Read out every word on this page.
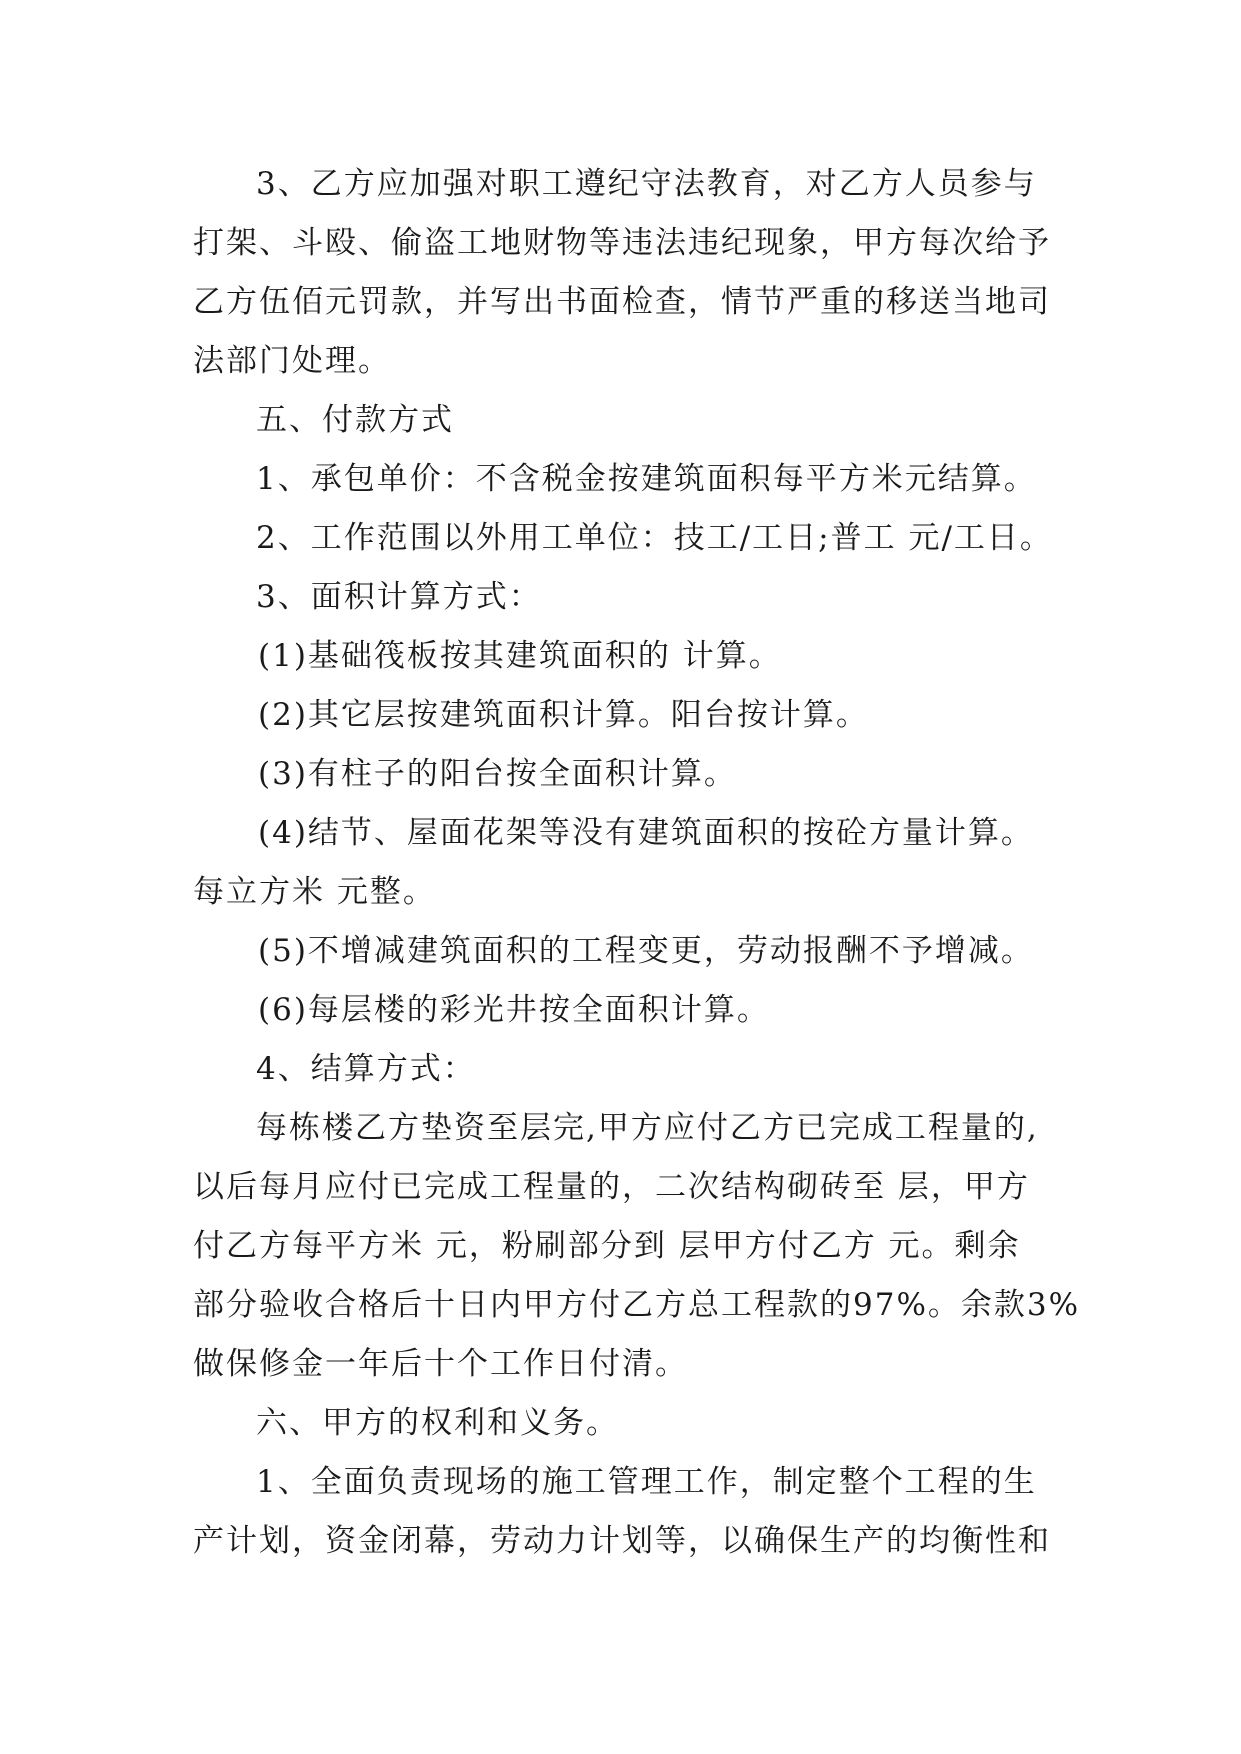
3、乙方应加强对职工遵纪守法教育，对乙方人员参与
打架、斗殴、偷盗工地财物等违法违纪现象，甲方每次给予
乙方伍佰元罚款，并写出书面检查，情节严重的移送当地司
法部门处理。
五、付款方式
1、承包单价：不含税金按建筑面积每平方米元结算。
2、工作范围以外用工单位：技工/工日;普工 元/工日。
3、面积计算方式：
(1)基础筏板按其建筑面积的 计算。
(2)其它层按建筑面积计算。阳台按计算。
(3)有柱子的阳台按全面积计算。
(4)结节、屋面花架等没有建筑面积的按砼方量计算。
每立方米 元整。
(5)不增减建筑面积的工程变更，劳动报酬不予增减。
(6)每层楼的彩光井按全面积计算。
4、结算方式：
每栋楼乙方垫资至层完,甲方应付乙方已完成工程量的,
以后每月应付已完成工程量的，二次结构砌砖至 层，甲方
付乙方每平方米 元，粉刷部分到 层甲方付乙方 元。剩余
部分验收合格后十日内甲方付乙方总工程款的97%。余款3%
做保修金一年后十个工作日付清。
六、甲方的权利和义务。
1、全面负责现场的施工管理工作，制定整个工程的生
产计划，资金闭幕，劳动力计划等，以确保生产的均衡性和
